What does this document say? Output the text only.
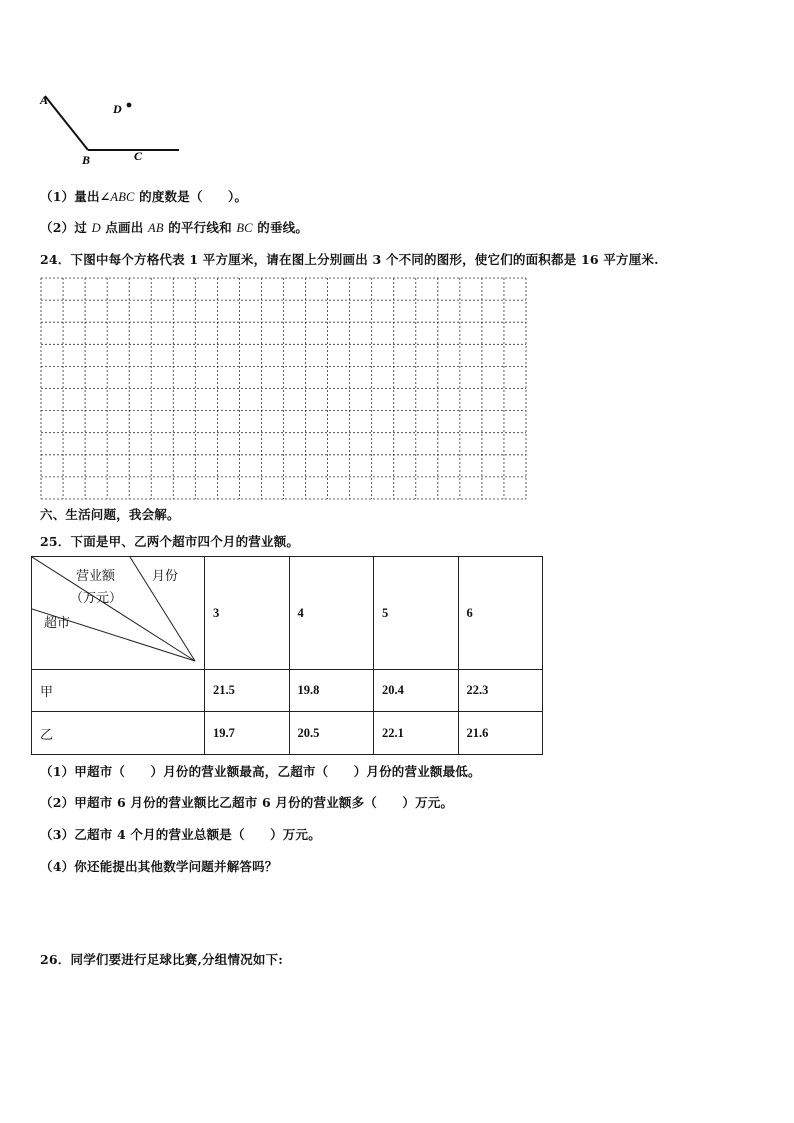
A
D
B	C
（1）量出∠ABC 的度数是（　　）。
（2）过 D 点画出 AB 的平行线和 BC 的垂线。
24．下图中每个方格代表 1 平方厘米，请在图上分别画出 3 个不同的图形，使它们的面积都是 16 平方厘米.
六、生活问题，我会解。
25．下面是甲、乙两个超市四个月的营业额。
营业额 月份
（万元）
超市	3	4	5	6
甲	21.5	19.8	20.4	22.3
乙	19.7	20.5	22.1	21.6
（1）甲超市（　　）月份的营业额最高，乙超市（　　）月份的营业额最低。
（2）甲超市 6 月份的营业额比乙超市 6 月份的营业额多（　　）万元。
（3）乙超市 4 个月的营业总额是（　　）万元。
（4）你还能提出其他数学问题并解答吗？
26．同学们要进行足球比赛,分组情况如下:
